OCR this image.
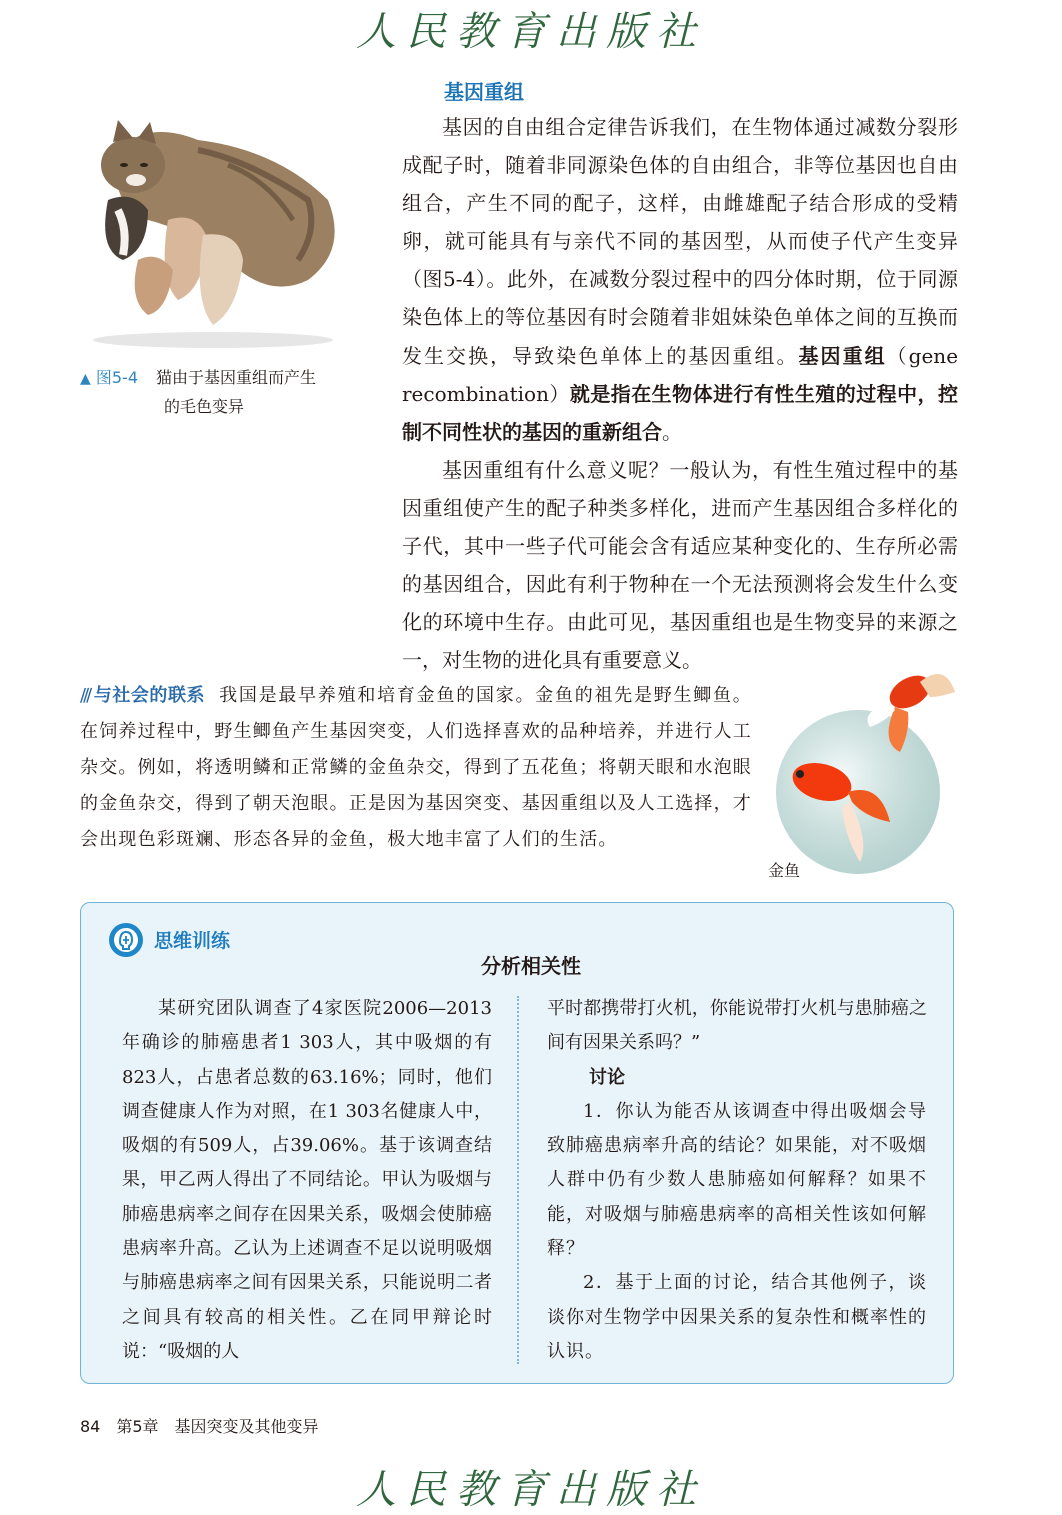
人民教育出版社
▲ 图5-4 猫由于基因重组而产生
的毛色变异
基因重组

基因的自由组合定律告诉我们，在生物体通过减数分裂形成配子时，随着非同源染色体的自由组合，非等位基因也自由组合，产生不同的配子，这样，由雌雄配子结合形成的受精卵，就可能具有与亲代不同的基因型，从而使子代产生变异（图5-4）。此外，在减数分裂过程中的四分体时期，位于同源染色体上的等位基因有时会随着非姐妹染色单体之间的互换而发生交换，导致染色单体上的基因重组。基因重组（gene recombination）就是指在生物体进行有性生殖的过程中，控制不同性状的基因的重新组合。

基因重组有什么意义呢？一般认为，有性生殖过程中的基因重组使产生的配子种类多样化，进而产生基因组合多样化的子代，其中一些子代可能会含有适应某种变化的、生存所必需的基因组合，因此有利于物种在一个无法预测将会发生什么变化的环境中生存。由此可见，基因重组也是生物变异的来源之一，对生物的进化具有重要意义。

/∕∕ 与社会的联系 我国是最早养殖和培育金鱼的国家。金鱼的祖先是野生鲫鱼。在饲养过程中，野生鲫鱼产生基因突变，人们选择喜欢的品种培养，并进行人工杂交。例如，将透明鳞和正常鳞的金鱼杂交，得到了五花鱼；将朝天眼和水泡眼的金鱼杂交，得到了朝天泡眼。正是因为基因突变、基因重组以及人工选择，才会出现色彩斑斓、形态各异的金鱼，极大地丰富了人们的生活。
金鱼
思维训练
分析相关性

某研究团队调查了4家医院2006—2013年确诊的肺癌患者1 303人，其中吸烟的有823人，占患者总数的63.16%；同时，他们调查健康人作为对照，在1 303名健康人中，吸烟的有509人，占39.06%。基于该调查结果，甲乙两人得出了不同结论。甲认为吸烟与肺癌患病率之间存在因果关系，吸烟会使肺癌患病率升高。乙认为上述调查不足以说明吸烟与肺癌患病率之间有因果关系，只能说明二者之间具有较高的相关性。乙在同甲辩论时说：“吸烟的人

平时都携带打火机，你能说带打火机与患肺癌之间有因果关系吗？”

讨论

1．你认为能否从该调查中得出吸烟会导致肺癌患病率升高的结论？如果能，对不吸烟人群中仍有少数人患肺癌如何解释？如果不能，对吸烟与肺癌患病率的高相关性该如何解释？

2．基于上面的讨论，结合其他例子，谈谈你对生物学中因果关系的复杂性和概率性的认识。

84 第5章 基因突变及其他变异
人民教育出版社
